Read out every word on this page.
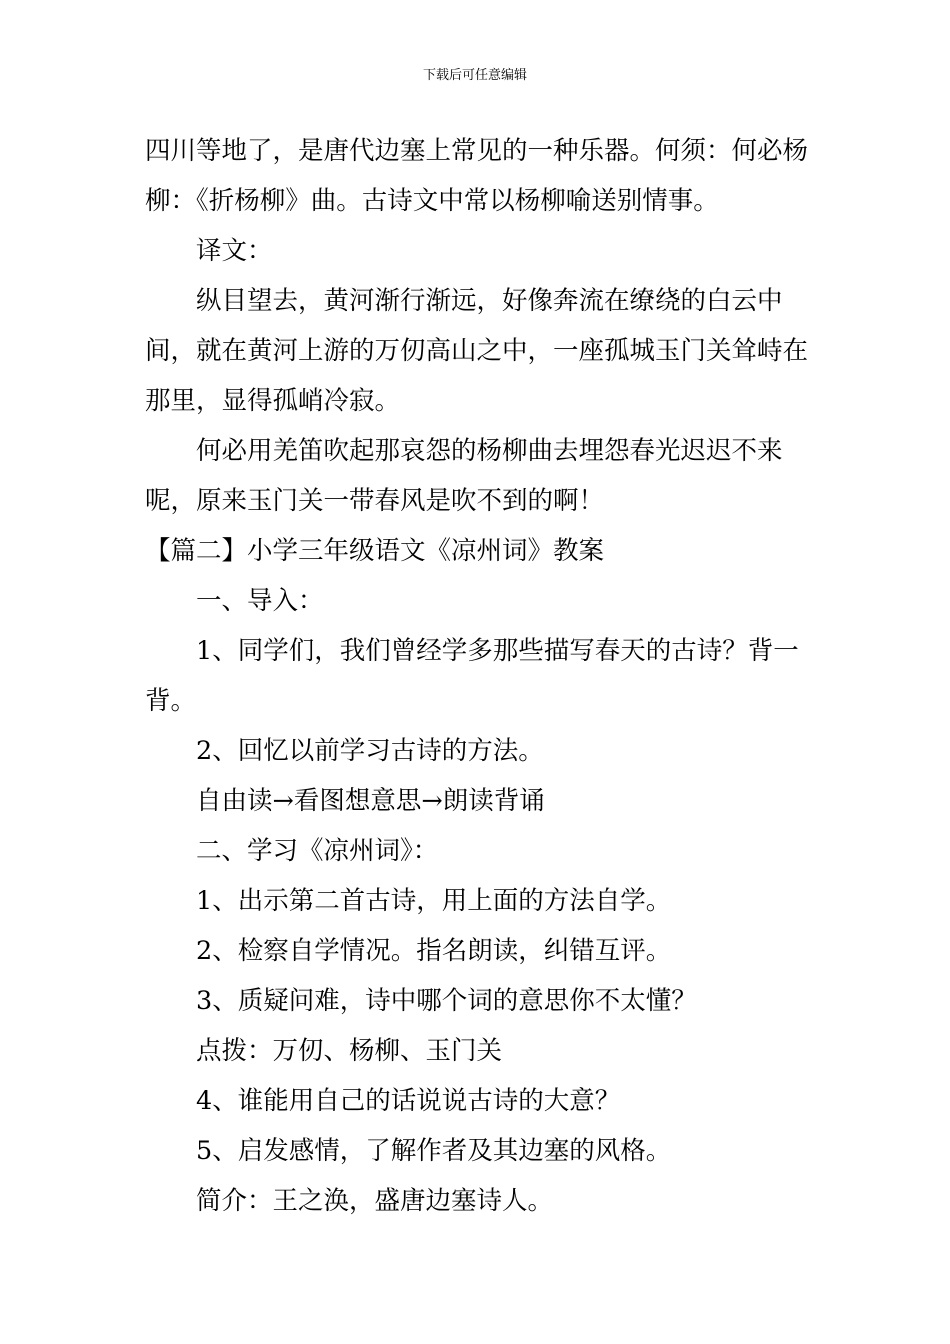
下载后可任意编辑

四川等地了，是唐代边塞上常见的一种乐器。何须：何必杨柳：《折杨柳》曲。古诗文中常以杨柳喻送别情事。

译文：

纵目望去，黄河渐行渐远，好像奔流在缭绕的白云中间，就在黄河上游的万仞高山之中，一座孤城玉门关耸峙在那里，显得孤峭冷寂。

何必用羌笛吹起那哀怨的杨柳曲去埋怨春光迟迟不来呢，原来玉门关一带春风是吹不到的啊！

【篇二】小学三年级语文《凉州词》教案

一、导入：

1、同学们，我们曾经学多那些描写春天的古诗？背一背。

2、回忆以前学习古诗的方法。

自由读→看图想意思→朗读背诵

二、学习《凉州词》：

1、出示第二首古诗，用上面的方法自学。

2、检察自学情况。指名朗读，纠错互评。

3、质疑问难，诗中哪个词的意思你不太懂？

点拨：万仞、杨柳、玉门关

4、谁能用自己的话说说古诗的大意？

5、启发感情，了解作者及其边塞的风格。

简介：王之涣，盛唐边塞诗人。
